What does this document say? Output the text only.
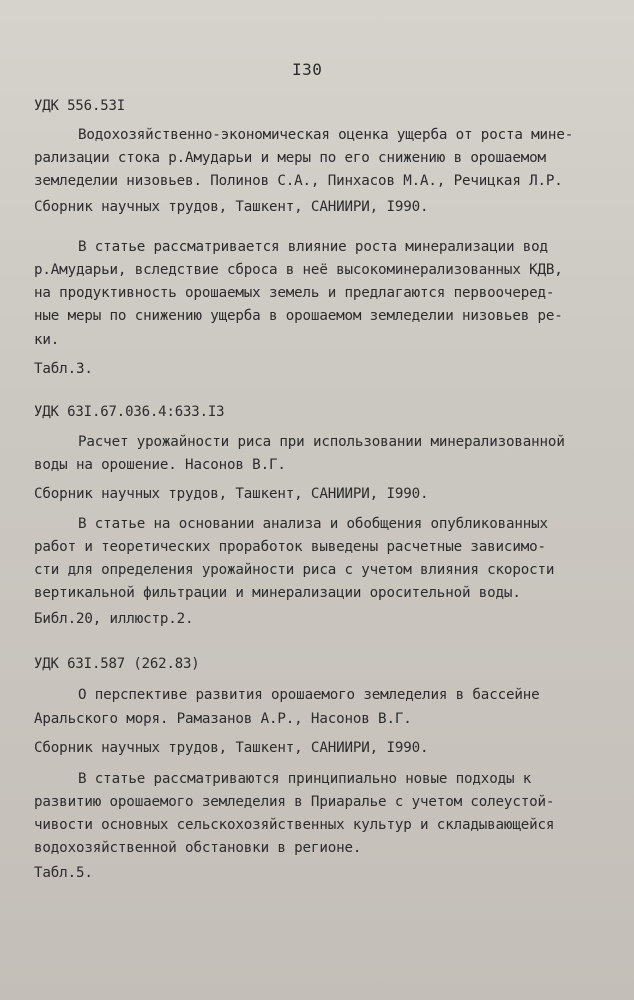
I30
УДК 556.53I
Водохозяйственно-экономическая оценка ущерба от роста мине-
рализации стока р.Амударьи и меры по его снижению в орошаемом
земледелии низовьев. Полинов С.А., Пинхасов М.А., Речицкая Л.Р.
Сборник научных трудов, Ташкент, САНИИРИ, I990.
В статье рассматривается влияние роста минерализации вод
р.Амударьи, вследствие сброса в неё высокоминерализованных КДВ,
на продуктивность орошаемых земель и предлагаются первоочеред-
ные меры по снижению ущерба в орошаемом земледелии низовьев ре-
ки.
Табл.3.
УДК 63I.67.036.4:633.I3
Расчет урожайности риса при использовании минерализованной
воды на орошение. Насонов В.Г.
Сборник научных трудов, Ташкент, САНИИРИ, I990.
В статье на основании анализа и обобщения опубликованных
работ и теоретических проработок выведены расчетные зависимо-
сти для определения урожайности риса с учетом влияния скорости
вертикальной фильтрации и минерализации оросительной воды.
Библ.20, иллюстр.2.
УДК 63I.587 (262.83)
О перспективе развития орошаемого земледелия в бассейне
Аральского моря. Рамазанов А.Р., Насонов В.Г.
Сборник научных трудов, Ташкент, САНИИРИ, I990.
В статье рассматриваются принципиально новые подходы к
развитию орошаемого земледелия в Приаралье с учетом солеустой-
чивости основных сельскохозяйственных культур и складывающейся
водохозяйственной обстановки в регионе.
Табл.5.
